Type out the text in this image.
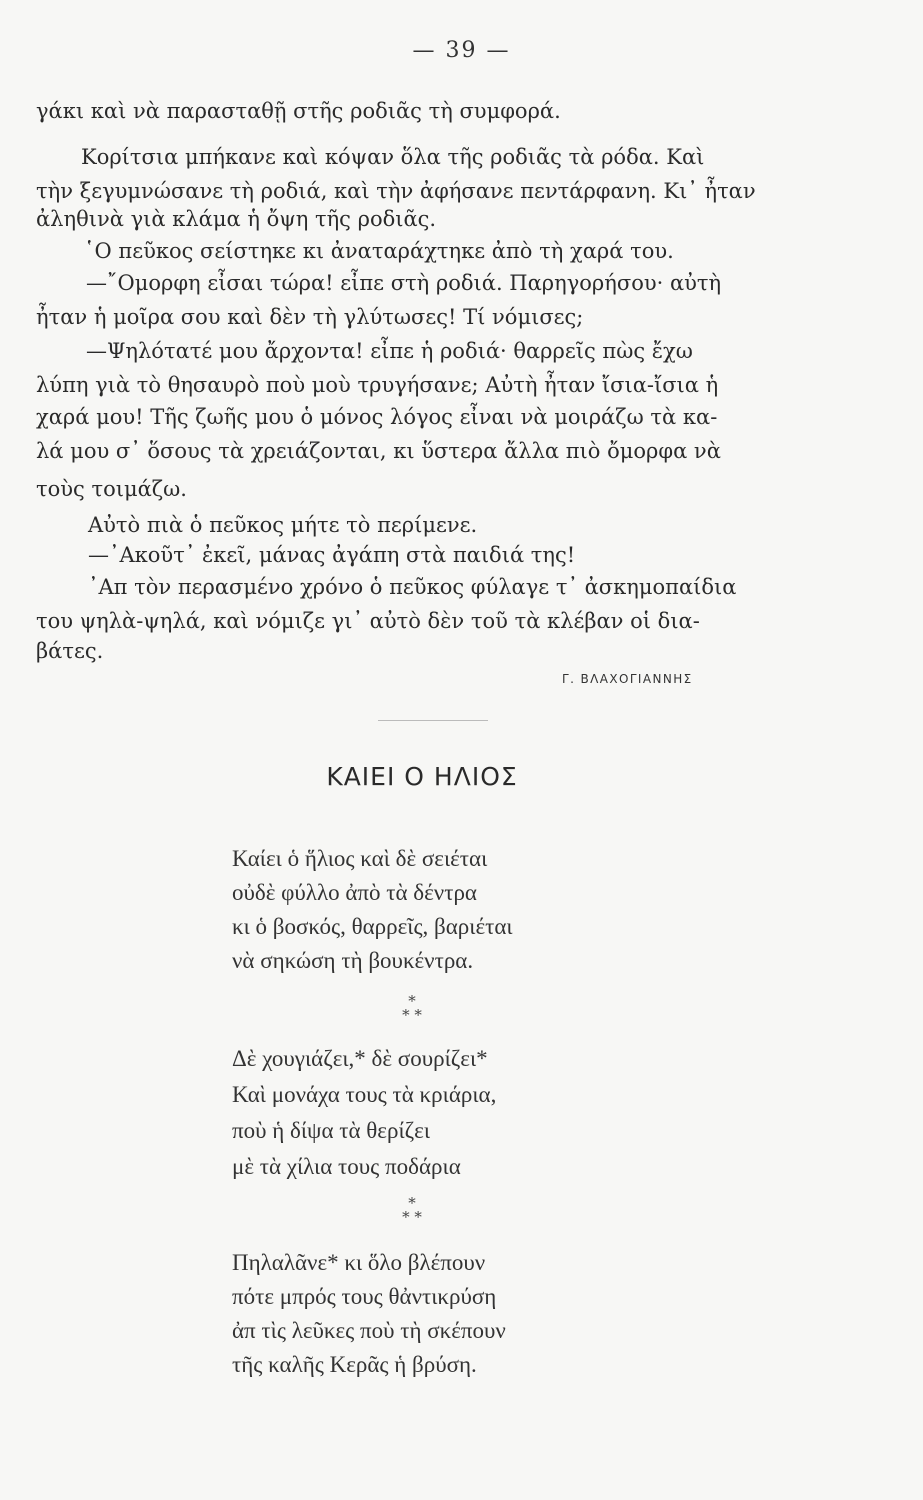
— 39 —
γάκι καὶ νὰ παρασταθῇ στῆς ροδιᾶς τὴ συμφορά.
Κορίτσια μπήκανε καὶ κόψαν ὅλα τῆς ροδιᾶς τὰ ρόδα. Καὶ
τὴν ξεγυμνώσανε τὴ ροδιά, καὶ τὴν ἀφήσανε πεντάρφανη. Κι᾽ ἦταν
ἀληθινὰ γιὰ κλάμα ἡ ὄψη τῆς ροδιᾶς.
῾Ο πεῦκος σείστηκε κι ἀναταράχτηκε ἀπὸ τὴ χαρά του.
—῎Ομορφη εἶσαι τώρα! εἶπε στὴ ροδιά. Παρηγορήσου· αὐτὴ
ἦταν ἡ μοῖρα σου καὶ δὲν τὴ γλύτωσες! Τί νόμισες;
—Ψηλότατέ μου ἄρχοντα! εἶπε ἡ ροδιά· θαρρεῖς πὼς ἔχω
λύπη γιὰ τὸ θησαυρὸ ποὺ μοὺ τρυγήσανε; Αὐτὴ ἦταν ἴσια-ἴσια ἡ
χαρά μου! Τῆς ζωῆς μου ὁ μόνος λόγος εἶναι νὰ μοιράζω τὰ κα-
λά μου σ᾽ ὅσους τὰ χρειάζονται, κι ὕστερα ἄλλα πιὸ ὄμορφα νὰ
τοὺς τοιμάζω.
Αὐτὸ πιὰ ὁ πεῦκος μήτε τὸ περίμενε.
—᾽Ακοῦτ᾽ ἐκεῖ, μάνας ἀγάπη στὰ παιδιά της!
᾽Απ τὸν περασμένο χρόνο ὁ πεῦκος φύλαγε τ᾽ ἀσκημοπαίδια
του ψηλὰ-ψηλά, καὶ νόμιζε γι᾽ αὐτὸ δὲν τοῦ τὰ κλέβαν οἱ δια-
βάτες.
Γ. ΒΛΑΧΟΓΙΑΝΝΗΣ
ΚΑΙΕΙ Ο ΗΛΙΟΣ
Καίει ὁ ἥλιος καὶ δὲ σειέται
οὐδὲ φύλλο ἀπὸ τὰ δέντρα
κι ὁ βοσκός, θαρρεῖς, βαριέται
νὰ σηκώση τὴ βουκέντρα.
*
* *
Δὲ χουγιάζει,* δὲ σουρίζει*
Καὶ μονάχα τους τὰ κριάρια,
ποὺ ἡ δίψα τὰ θερίζει
μὲ τὰ χίλια τους ποδάρια
*
* *
Πηλαλᾶνε* κι ὅλο βλέπουν
πότε μπρός τους θἀντικρύση
ἀπ τὶς λεῦκες ποὺ τὴ σκέπουν
τῆς καλῆς Κερᾶς ἡ βρύση.
